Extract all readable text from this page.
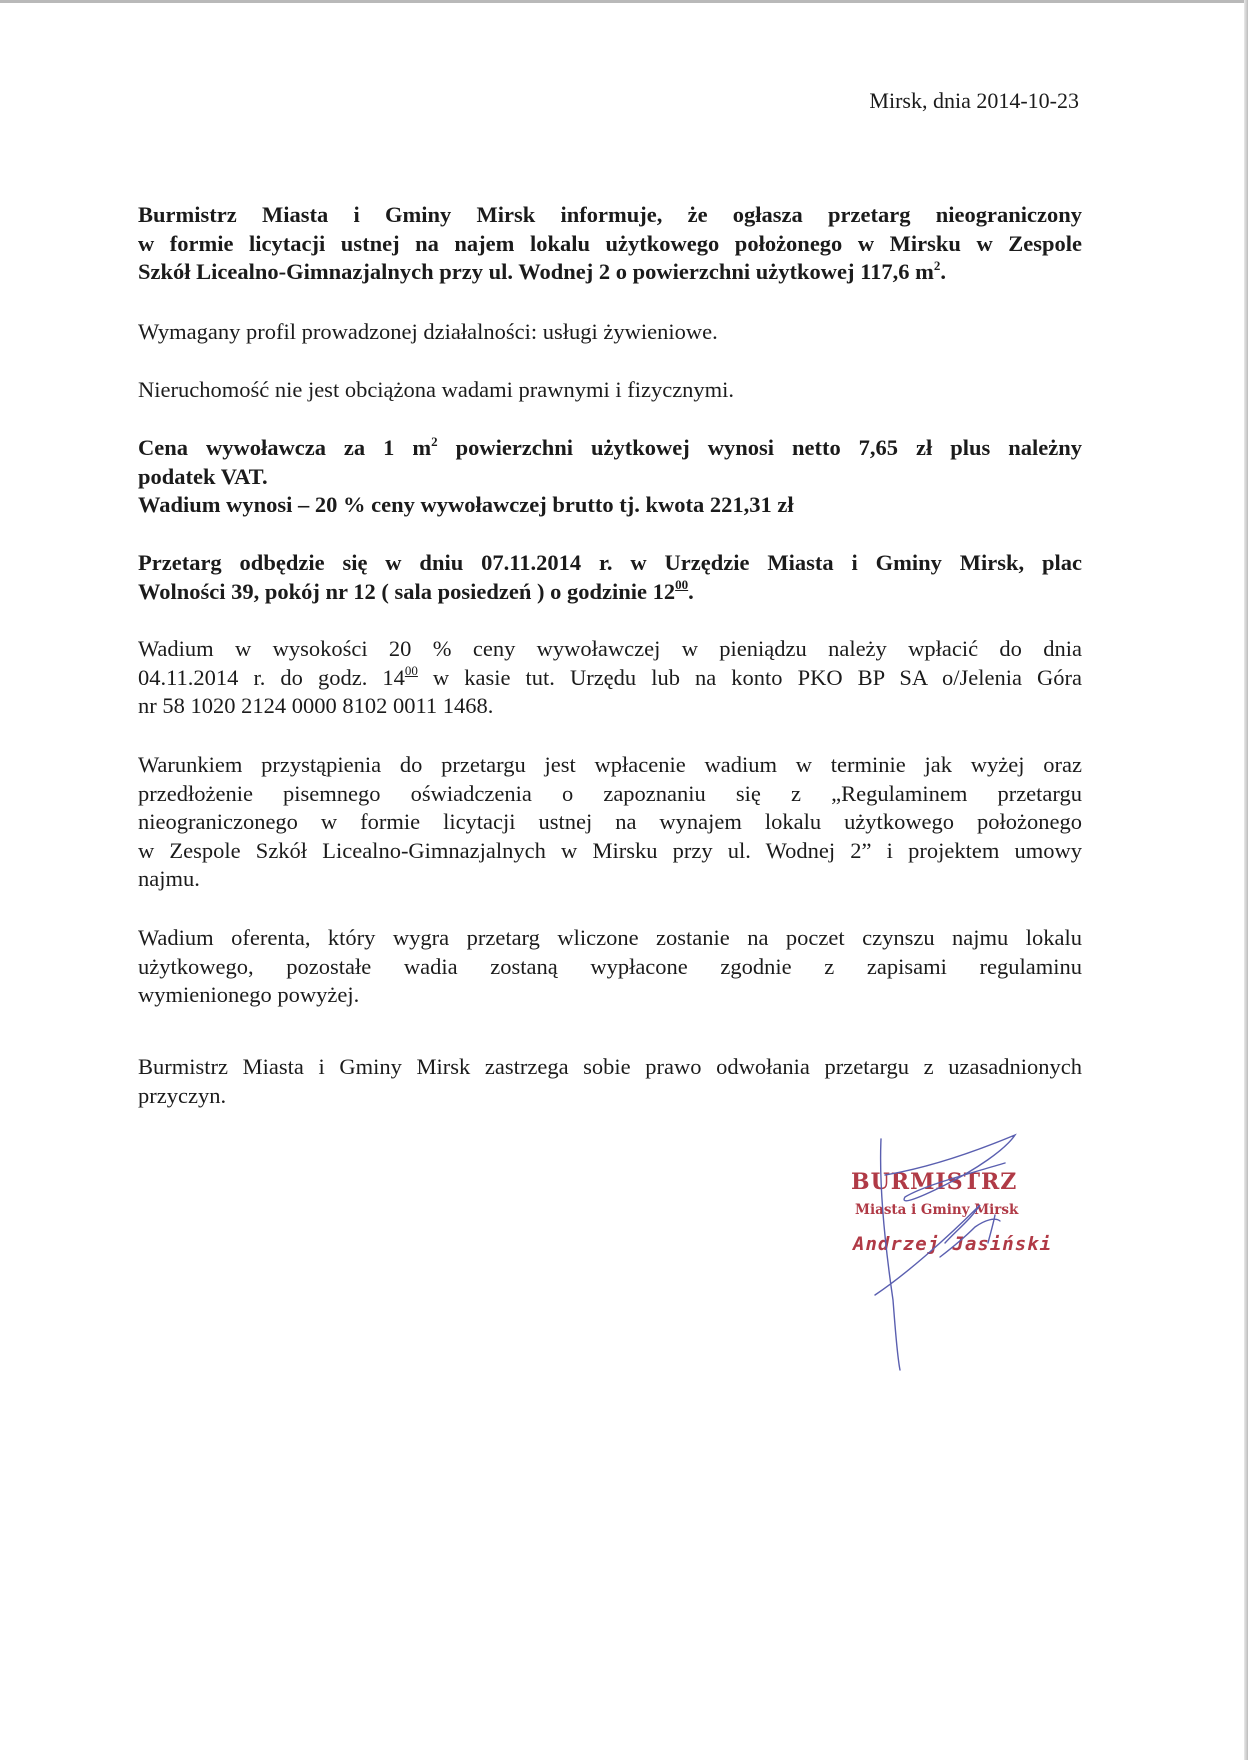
Mirsk, dnia 2014-10-23

Burmistrz Miasta i Gminy Mirsk informuje, że ogłasza przetarg nieograniczony
w formie licytacji ustnej na najem lokalu użytkowego położonego w Mirsku w Zespole
Szkół Licealno-Gimnazjalnych przy ul. Wodnej 2 o powierzchni użytkowej 117,6 $m^2$.

Wymagany profil prowadzonej działalności: usługi żywieniowe.

Nieruchomość nie jest obciążona wadami prawnymi i fizycznymi.

Cena wywoławcza za 1 $m^2$ powierzchni użytkowej wynosi netto 7,65 zł plus należny
podatek VAT.
Wadium wynosi – 20 % ceny wywoławczej brutto tj. kwota 221,31 zł

Przetarg odbędzie się w dniu 07.11.2014 r. w Urzędzie Miasta i Gminy Mirsk, plac
Wolności 39, pokój nr 12 ( sala posiedzeń ) o godzinie $12^{00}$.

Wadium w wysokości 20 % ceny wywoławczej w pieniądzu należy wpłacić do dnia
04.11.2014 r. do godz. $14^{00}$ w kasie tut. Urzędu lub na konto PKO BP SA o/Jelenia Góra
nr 58 1020 2124 0000 8102 0011 1468.

Warunkiem przystąpienia do przetargu jest wpłacenie wadium w terminie jak wyżej oraz
przedłożenie pisemnego oświadczenia o zapoznaniu się z „Regulaminem przetargu
nieograniczonego w formie licytacji ustnej na wynajem lokalu użytkowego położonego
w Zespole Szkół Licealno-Gimnazjalnych w Mirsku przy ul. Wodnej 2” i projektem umowy
najmu.

Wadium oferenta, który wygra przetarg wliczone zostanie na poczet czynszu najmu lokalu
użytkowego, pozostałe wadia zostaną wypłacone zgodnie z zapisami regulaminu
wymienionego powyżej.

Burmistrz Miasta i Gminy Mirsk zastrzega sobie prawo odwołania przetargu z uzasadnionych
przyczyn.

BURMISTRZ
Miasta i Gminy Mirsk
Andrzej Jasiński
